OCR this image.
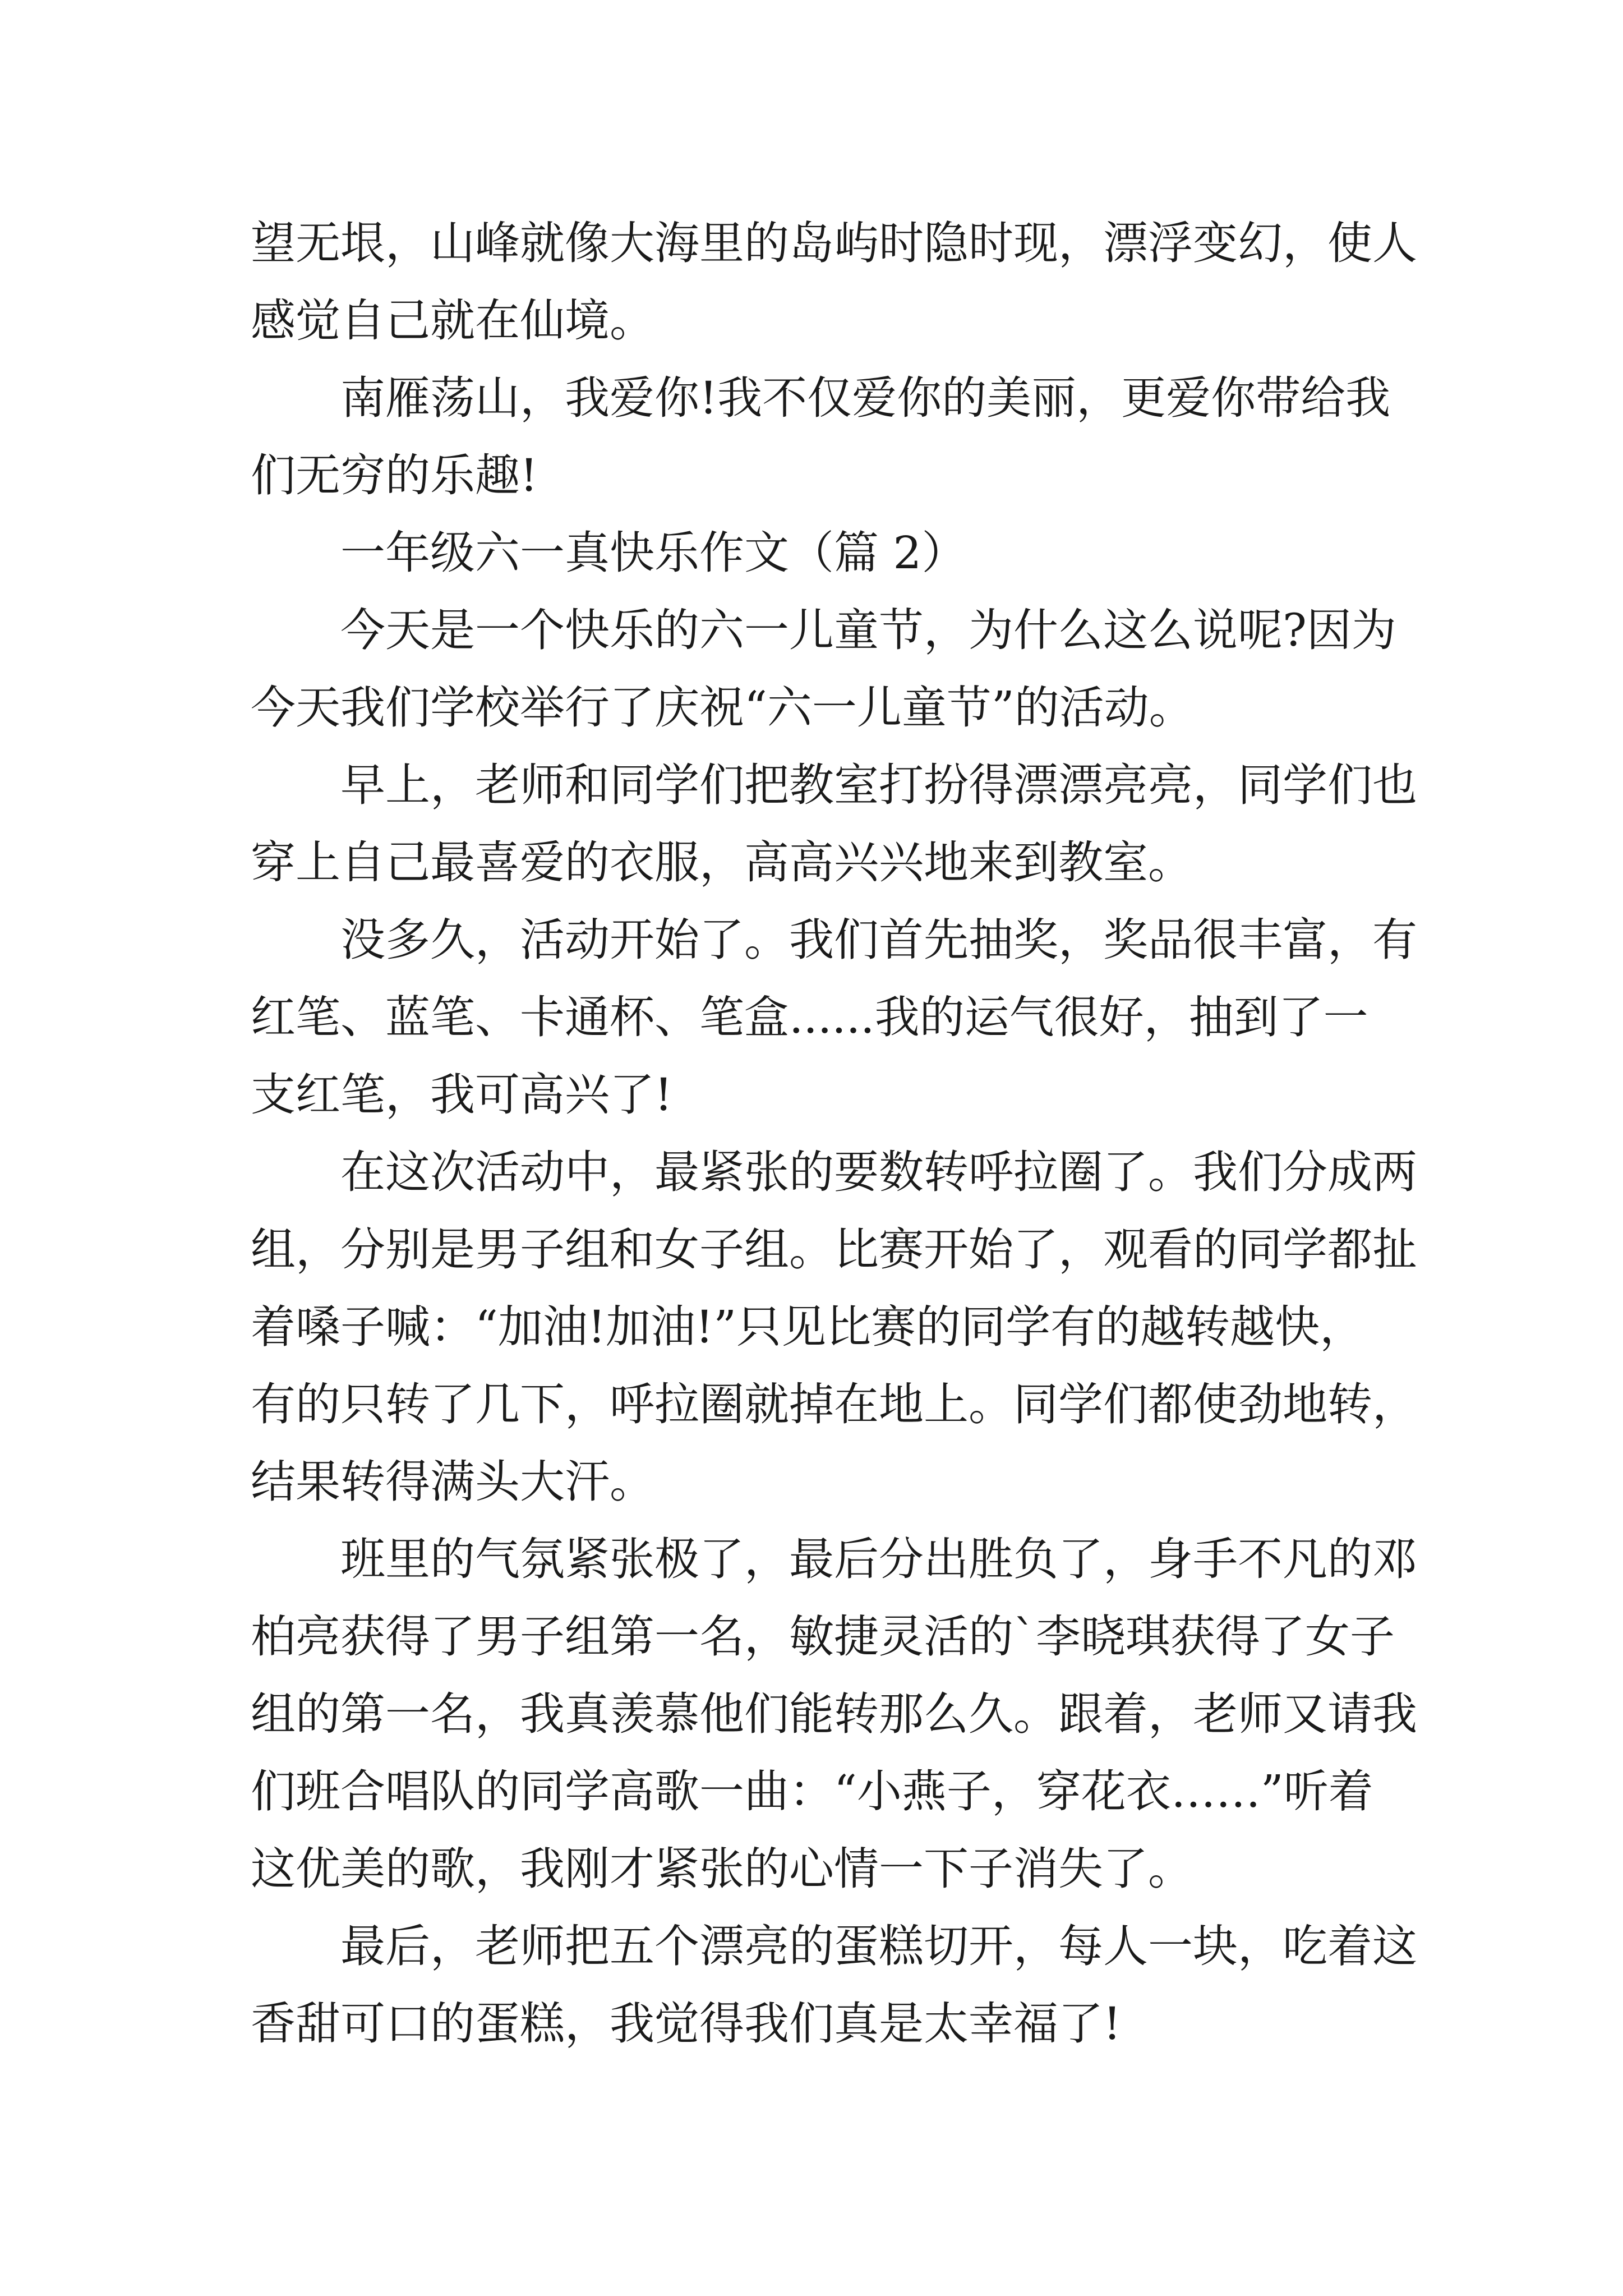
望无垠，山峰就像大海里的岛屿时隐时现，漂浮变幻，使人
感觉自己就在仙境。
南雁荡山，我爱你!我不仅爱你的美丽，更爱你带给我
们无穷的乐趣!
一年级六一真快乐作文（篇 2）
今天是一个快乐的六一儿童节，为什么这么说呢?因为
今天我们学校举行了庆祝“六一儿童节”的活动。
早上，老师和同学们把教室打扮得漂漂亮亮，同学们也
穿上自己最喜爱的衣服，高高兴兴地来到教室。
没多久，活动开始了。我们首先抽奖，奖品很丰富，有
红笔、蓝笔、卡通杯、笔盒......我的运气很好，抽到了一
支红笔，我可高兴了!
在这次活动中，最紧张的要数转呼拉圈了。我们分成两
组，分别是男子组和女子组。比赛开始了，观看的同学都扯
着嗓子喊：“加油!加油!”只见比赛的同学有的越转越快，
有的只转了几下，呼拉圈就掉在地上。同学们都使劲地转，
结果转得满头大汗。
班里的气氛紧张极了，最后分出胜负了，身手不凡的邓
柏亮获得了男子组第一名，敏捷灵活的`李晓琪获得了女子
组的第一名，我真羡慕他们能转那么久。跟着，老师又请我
们班合唱队的同学高歌一曲：“小燕子，穿花衣……”听着
这优美的歌，我刚才紧张的心情一下子消失了。
最后，老师把五个漂亮的蛋糕切开，每人一块，吃着这
香甜可口的蛋糕，我觉得我们真是太幸福了!
